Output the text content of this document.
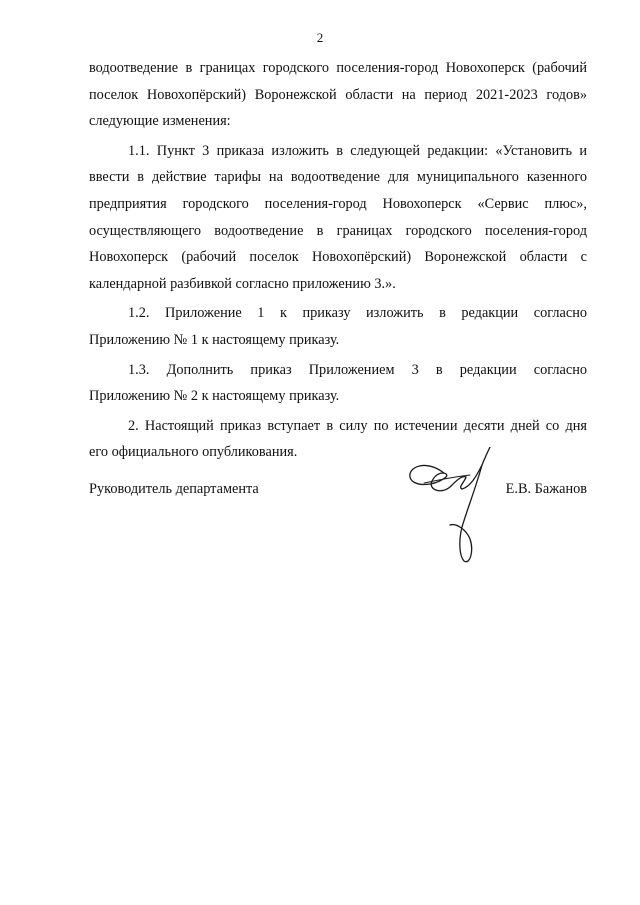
2

водоотведение в границах городского поселения-город Новохоперск (рабочий
поселок Новохопёрский) Воронежской области на период 2021-2023 годов»
следующие изменения:

1.1. Пункт 3 приказа изложить в следующей редакции: «Установить и
ввести в действие тарифы на водоотведение для муниципального казенного
предприятия городского поселения-город Новохоперск «Сервис плюс»,
осуществляющего водоотведение в границах городского поселения-город
Новохоперск (рабочий поселок Новохопёрский) Воронежской области с
календарной разбивкой согласно приложению 3.».

1.2. Приложение 1 к приказу изложить в редакции согласно
Приложению № 1 к настоящему приказу.

1.3. Дополнить приказ Приложением 3 в редакции согласно
Приложению № 2 к настоящему приказу.

2. Настоящий приказ вступает в силу по истечении десяти дней со дня
его официального опубликования.

Руководитель департамента	Е.В. Бажанов
